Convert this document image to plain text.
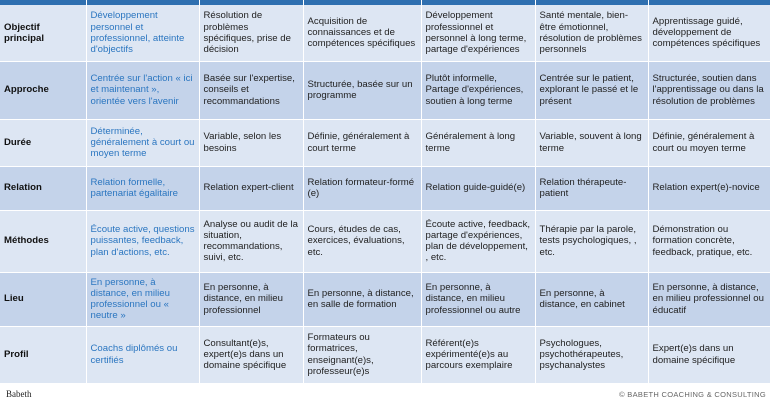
Objectif principal	Développement personnel et professionnel, atteinte d'objectifs	Résolution de problèmes spécifiques, prise de décision	Acquisition de connaissances et de compétences spécifiques	Développement professionnel et personnel à long terme, partage d'expériences	Santé mentale, bien-être émotionnel, résolution de problèmes personnels	Apprentissage guidé, développement de compétences spécifiques
Approche	Centrée sur l'action « ici et maintenant », orientée vers l'avenir	Basée sur l'expertise, conseils et recommandations	Structurée, basée sur un programme	Plutôt informelle, Partage d'expériences, soutien à long terme	Centrée sur le patient, explorant le passé et le présent	Structurée, soutien dans l'apprentissage ou dans la résolution de problèmes
Durée	Déterminée, généralement à court ou moyen terme	Variable, selon les besoins	Définie, généralement à court terme	Généralement à long terme	Variable, souvent à long terme	Définie, généralement à court ou moyen terme
Relation	Relation formelle, partenariat égalitaire	Relation expert-client	Relation formateur-formé (e)	Relation guide-guidé(e)	Relation thérapeute-patient	Relation expert(e)-novice
Méthodes	Écoute active, questions puissantes, feedback, plan d'actions, etc.	Analyse ou audit de la situation, recommandations, suivi, etc.	Cours, études de cas, exercices, évaluations, etc.	Écoute active, feedback, partage d'expériences, plan de développement, , etc.	Thérapie par la parole, tests psychologiques, , etc.	Démonstration ou formation concrète, feedback, pratique, etc.
Lieu	En personne, à distance, en milieu professionnel ou « neutre »	En personne, à distance, en milieu professionnel	En personne, à distance, en salle de formation	En personne, à distance, en milieu professionnel ou autre	En personne, à distance, en cabinet	En personne, à distance, en milieu professionnel ou éducatif
Profil	Coachs diplômés ou certifiés	Consultant(e)s, expert(e)s dans un domaine spécifique	Formateurs ou formatrices, enseignant(e)s, professeur(e)s	Référent(e)s expérimenté(e)s au parcours exemplaire	Psychologues, psychothérapeutes, psychanalystes	Expert(e)s dans un domaine spécifique
Babeth	© BABETH COACHING & CONSULTING
